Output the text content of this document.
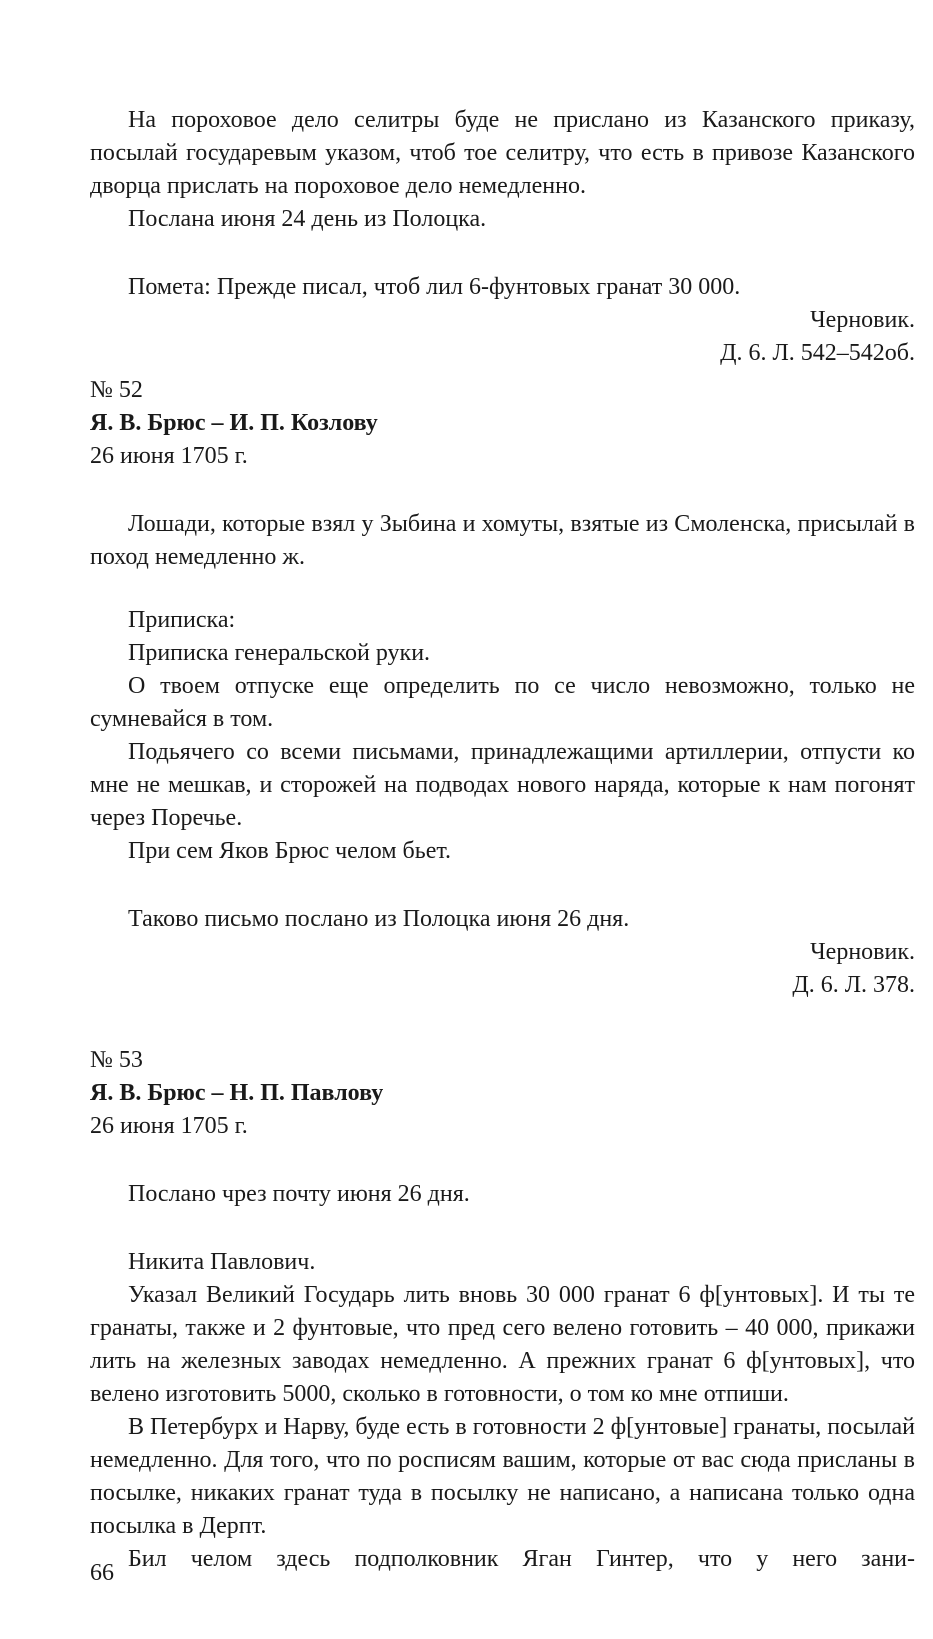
На пороховое дело селитры буде не прислано из Казанского приказу, посылай государевым указом, чтоб тое селитру, что есть в привозе Казанского дворца прислать на пороховое дело немедленно.

Послана июня 24 день из Полоцка.

Помета: Прежде писал, чтоб лил 6-фунтовых гранат 30 000.

Черновик.

Д. 6. Л. 542–542об.

№ 52

Я. В. Брюс – И. П. Козлову

26 июня 1705 г.

Лошади, которые взял у Зыбина и хомуты, взятые из Смоленска, присылай в поход немедленно ж.

Приписка:

Приписка генеральской руки.

О твоем отпуске еще определить по се число невозможно, только не сумневайся в том.

Подьячего со всеми письмами, принадлежащими артиллерии, отпусти ко мне не мешкав, и сторожей на подводах нового наряда, которые к нам погонят через Поречье.

При сем Яков Брюс челом бьет.

Таково письмо послано из Полоцка июня 26 дня.

Черновик.

Д. 6. Л. 378.

№ 53

Я. В. Брюс – Н. П. Павлову

26 июня 1705 г.

Послано чрез почту июня 26 дня.

Никита Павлович.

Указал Великий Государь лить вновь 30 000 гранат 6 ф[унтовых]. И ты те гранаты, также и 2 фунтовые, что пред сего велено готовить – 40 000, прикажи лить на железных заводах немедленно. А прежних гранат 6 ф[унтовых], что велено изготовить 5000, сколько в готовности, о том ко мне отпиши.

В Петербурх и Нарву, буде есть в готовности 2 ф[унтовые] гранаты, посылай немедленно. Для того, что по росписям вашим, которые от вас сюда присланы в посылке, никаких гранат туда в посылку не написано, а написана только одна посылка в Дерпт.

Бил челом здесь подполковник Яган Гинтер, что у него зани-

66
